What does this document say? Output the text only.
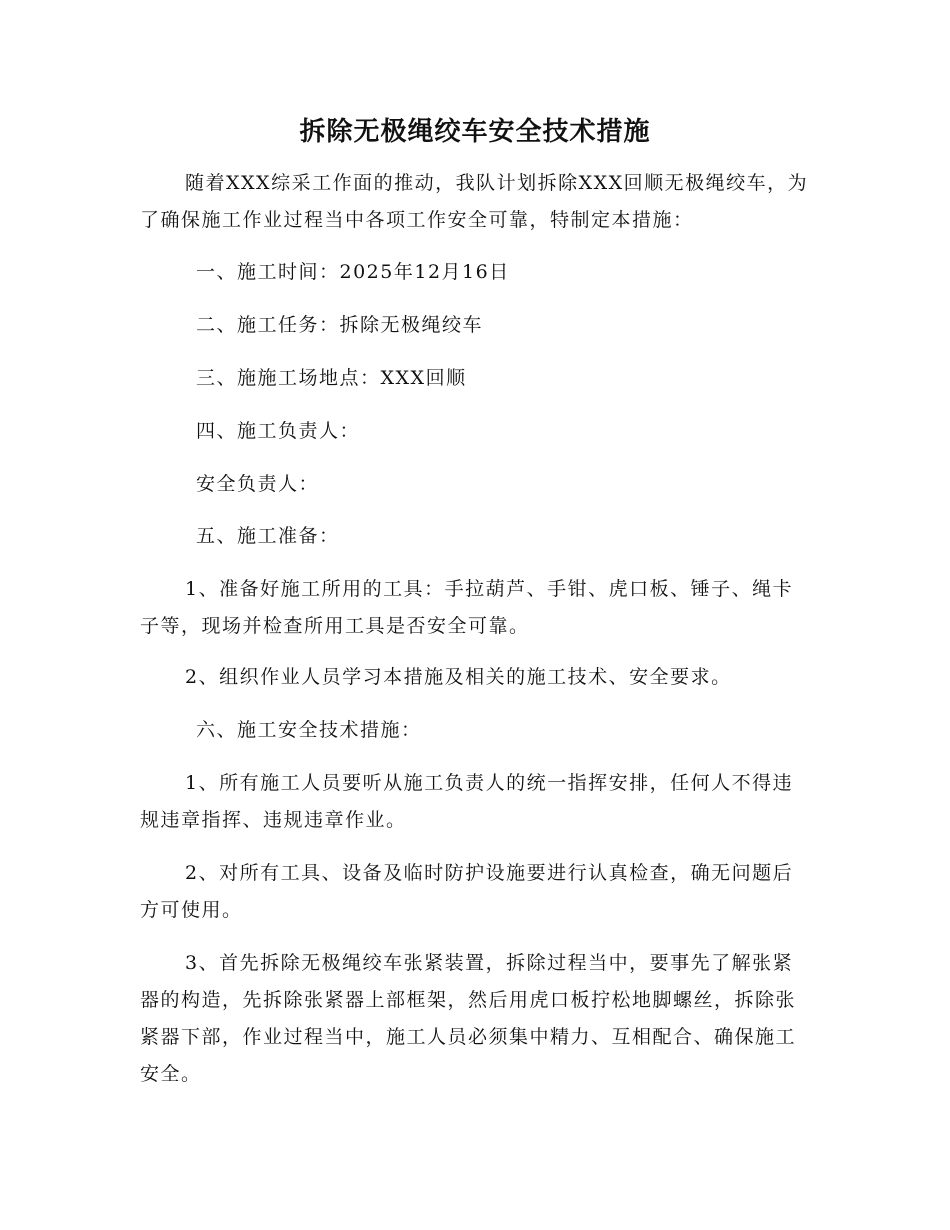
拆除无极绳绞车安全技术措施
随着XXX综采工作面的推动，我队计划拆除XXX回顺无极绳绞车，为了确保施工作业过程当中各项工作安全可靠，特制定本措施：
一、施工时间：2025年12月16日
二、施工任务：拆除无极绳绞车
三、施施工场地点：XXX回顺
四、施工负责人：
安全负责人：
五、施工准备：
1、准备好施工所用的工具：手拉葫芦、手钳、虎口板、锤子、绳卡子等，现场并检查所用工具是否安全可靠。
2、组织作业人员学习本措施及相关的施工技术、安全要求。
六、施工安全技术措施：
1、所有施工人员要听从施工负责人的统一指挥安排，任何人不得违规违章指挥、违规违章作业。
2、对所有工具、设备及临时防护设施要进行认真检查，确无问题后方可使用。
3、首先拆除无极绳绞车张紧装置，拆除过程当中，要事先了解张紧器的构造，先拆除张紧器上部框架，然后用虎口板拧松地脚螺丝，拆除张紧器下部，作业过程当中，施工人员必须集中精力、互相配合、确保施工安全。
